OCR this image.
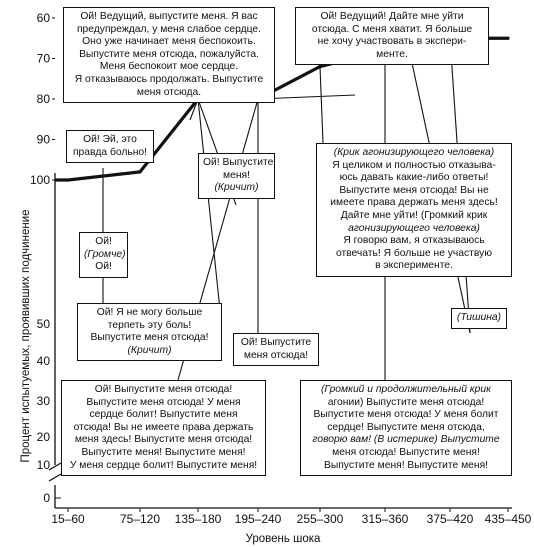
15–60	75–120 135–180 195–240 255–300 315–360 375–420 435–450
0
10
20
30
40
50
60
70
80
90
100
Уровень шока
Процент испытуемых, проявивших подчинение
Ой! Ведущий, выпустите меня. Я вас
предупреждал, у меня слабое сердце.
Оно уже начинает меня беспокоить.
Выпустите меня отсюда, пожалуйста.
Меня беспокоит мое сердце.
Я отказываюсь продолжать. Выпустите
меня отсюда.
Ой! Ведущий! Дайте мне уйти
отсюда. С меня хватит. Я больше
не хочу участвовать в экспери-
менте.
Ой! Эй, это
правда больно!
Ой! Выпустите
меня!
(Кричит)
Ой!
(Громче)
Ой!
(Крик агонизирующего человека)
Я целиком и полностью отказыва-
юсь давать какие-либо ответы!
Выпустите меня отсюда! Вы не
имеете права держать меня здесь!
Дайте мне уйти! (Громкий крик
агонизирующего человека)
Я говорю вам, я отказываюсь
отвечать! Я больше не участвую
в эксперименте.
Ой! Я не могу больше
терпеть эту боль!
Выпустите меня отсюда!
(Кричит)
Ой! Выпустите
меня отсюда!
(Тишина)
Ой! Выпустите меня отсюда!
Выпустите меня отсюда! У меня
сердце болит! Выпустите меня
отсюда! Вы не имеете права держать
меня здесь! Выпустите меня отсюда!
Выпустите меня! Выпустите меня!
У меня сердце болит! Выпустите меня!
(Громкий и продолжительный крик
агонии) Выпустите меня отсюда!
Выпустите меня отсюда! У меня болит
сердце! Выпустите меня отсюда,
говорю вам! (В истерике) Выпустите
меня отсюда! Выпустите меня!
Выпустите меня! Выпустите меня!
